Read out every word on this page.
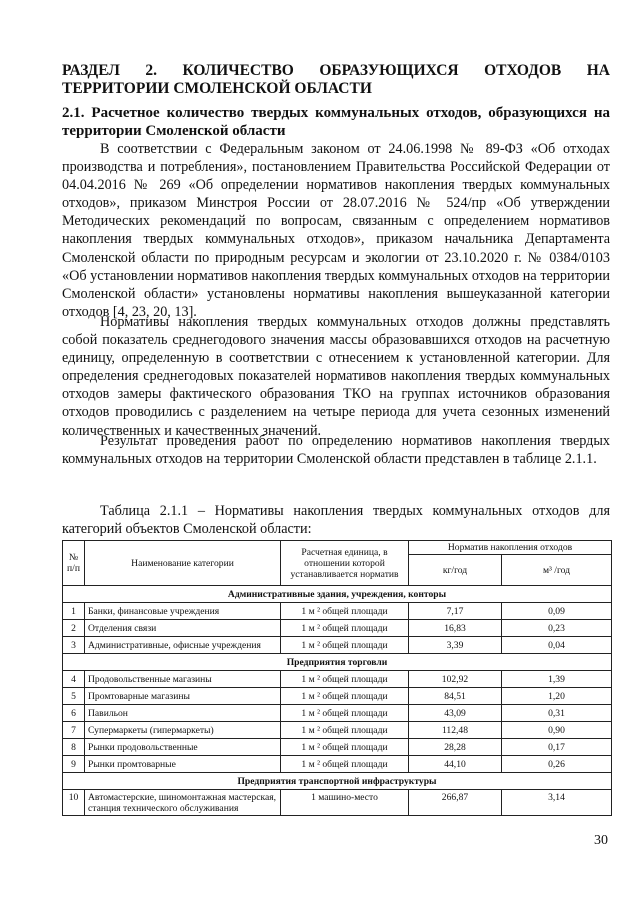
РАЗДЕЛ 2. КОЛИЧЕСТВО ОБРАЗУЮЩИХСЯ ОТХОДОВ НА ТЕРРИТОРИИ СМОЛЕНСКОЙ ОБЛАСТИ
2.1. Расчетное количество твердых коммунальных отходов, образующихся на территории Смоленской области
В соответствии с Федеральным законом от 24.06.1998 № 89-ФЗ «Об отходах производства и потребления», постановлением Правительства Российской Федерации от 04.04.2016 № 269 «Об определении нормативов накопления твердых коммунальных отходов», приказом Минстроя России от 28.07.2016 № 524/пр «Об утверждении Методических рекомендаций по вопросам, связанным с определением нормативов накопления твердых коммунальных отходов», приказом начальника Департамента Смоленской области по природным ресурсам и экологии от 23.10.2020 г. № 0384/0103 «Об установлении нормативов накопления твердых коммунальных отходов на территории Смоленской области» установлены нормативы накопления вышеуказанной категории отходов [4, 23, 20, 13].
Нормативы накопления твердых коммунальных отходов должны представлять собой показатель среднегодового значения массы образовавшихся отходов на расчетную единицу, определенную в соответствии с отнесением к установленной категории. Для определения среднегодовых показателей нормативов накопления твердых коммунальных отходов замеры фактического образования ТКО на группах источников образования отходов проводились с разделением на четыре периода для учета сезонных изменений количественных и качественных значений.
Результат проведения работ по определению нормативов накопления твердых коммунальных отходов на территории Смоленской области представлен в таблице 2.1.1.
Таблица 2.1.1 – Нормативы накопления твердых коммунальных отходов для категорий объектов Смоленской области:
№ п/п	Наименование категории	Расчетная единица, в отношении которой устанавливается норматив	Норматив накопления отходов	
			кг/год	м³ /год
Административные здания, учреждения, конторы				
1	Банки, финансовые учреждения	1 м ² общей площади	7,17	0,09
2	Отделения связи	1 м ² общей площади	16,83	0,23
3	Административные, офисные учреждения	1 м ² общей площади	3,39	0,04
Предприятия торговли				
4	Продовольственные магазины	1 м ² общей площади	102,92	1,39
5	Промтоварные магазины	1 м ² общей площади	84,51	1,20
6	Павильон	1 м ² общей площади	43,09	0,31
7	Супермаркеты (гипермаркеты)	1 м ² общей площади	112,48	0,90
8	Рынки продовольственные	1 м ² общей площади	28,28	0,17
9	Рынки промтоварные	1 м ² общей площади	44,10	0,26
Предприятия транспортной инфраструктуры				
10	Автомастерские, шиномонтажная мастерская, станция технического обслуживания	1 машино-место	266,87	3,14
30
